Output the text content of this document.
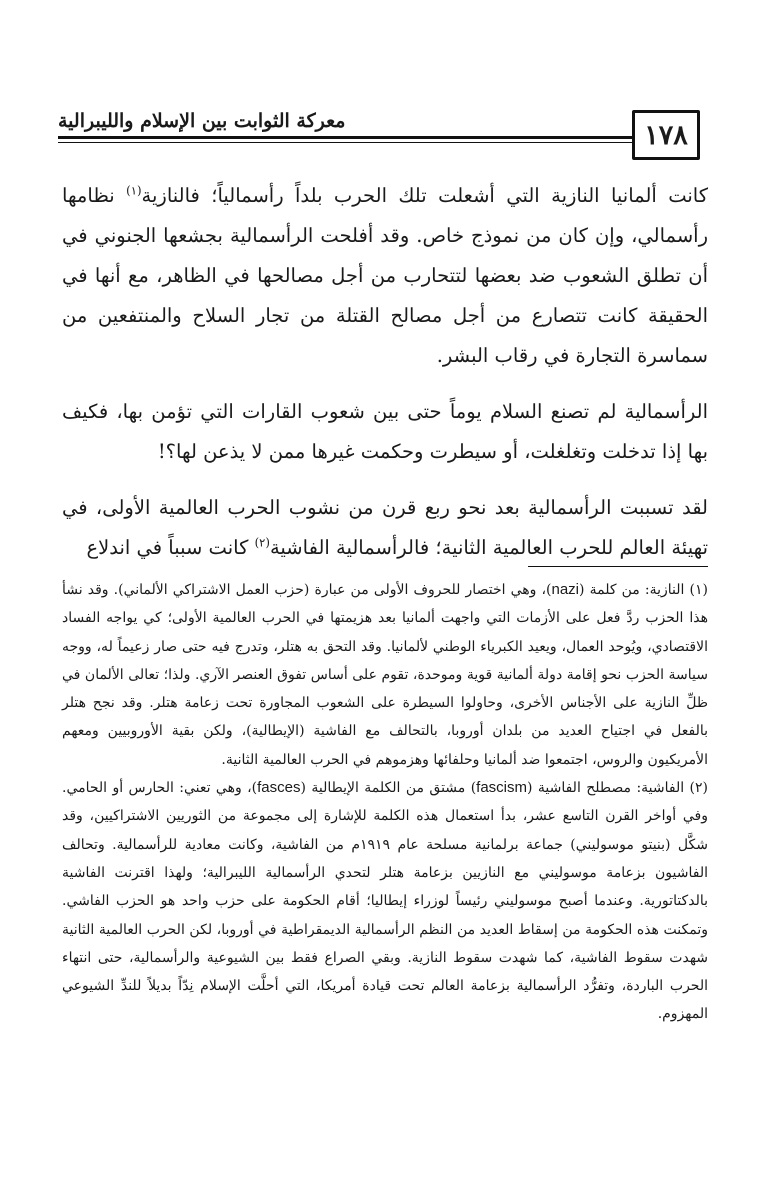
١٧٨
معركة الثوابت بين الإسلام والليبرالية

كانت ألمانيا النازية التي أشعلت تلك الحرب بلداً رأسمالياً؛ فالنازية$^{(١)}$ نظامها رأسمالي، وإن كان من نموذج خاص. وقد أفلحت الرأسمالية بجشعها الجنوني في أن تطلق الشعوب ضد بعضها لتتحارب من أجل مصالحها في الظاهر، مع أنها في الحقيقة كانت تتصارع من أجل مصالح القتلة من تجار السلاح والمنتفعين من سماسرة التجارة في رقاب البشر.

الرأسمالية لم تصنع السلام يوماً حتى بين شعوب القارات التي تؤمن بها، فكيف بها إذا تدخلت وتغلغلت، أو سيطرت وحكمت غيرها ممن لا يذعن لها؟!

لقد تسببت الرأسمالية بعد نحو ربع قرن من نشوب الحرب العالمية الأولى، في تهيئة العالم للحرب العالمية الثانية؛ فالرأسمالية الفاشية$^{(٢)}$ كانت سبباً في اندلاع

(١) النازية: من كلمة (nazi)، وهي اختصار للحروف الأولى من عبارة (حزب العمل الاشتراكي الألماني). وقد نشأ هذا الحزب ردَّ فعل على الأزمات التي واجهت ألمانيا بعد هزيمتها في الحرب العالمية الأولى؛ كي يواجه الفساد الاقتصادي، ويُوحد العمال، ويعيد الكبرياء الوطني لألمانيا. وقد التحق به هتلر، وتدرج فيه حتى صار زعيماً له، ووجه سياسة الحزب نحو إقامة دولة ألمانية قوية وموحدة، تقوم على أساس تفوق العنصر الآري. ولذا؛ تعالى الألمان في ظلِّ النازية على الأجناس الأخرى، وحاولوا السيطرة على الشعوب المجاورة تحت زعامة هتلر. وقد نجح هتلر بالفعل في اجتياح العديد من بلدان أوروبا، بالتحالف مع الفاشية (الإيطالية)، ولكن بقية الأوروبيين ومعهم الأمريكيون والروس، اجتمعوا ضد ألمانيا وحلفائها وهزموهم في الحرب العالمية الثانية.

(٢) الفاشية: مصطلح الفاشية (fascism) مشتق من الكلمة الإيطالية (fasces)، وهي تعني: الحارس أو الحامي. وفي أواخر القرن التاسع عشر، بدأ استعمال هذه الكلمة للإشارة إلى مجموعة من الثوريين الاشتراكيين، وقد شكَّل (بنيتو موسوليني) جماعة برلمانية مسلحة عام ١٩١٩م من الفاشية، وكانت معادية للرأسمالية. وتحالف الفاشيون بزعامة موسوليني مع النازيين بزعامة هتلر لتحدي الرأسمالية الليبرالية؛ ولهذا اقترنت الفاشية بالدكتاتورية. وعندما أصبح موسوليني رئيساً لوزراء إيطاليا؛ أقام الحكومة على حزب واحد هو الحزب الفاشي. وتمكنت هذه الحكومة من إسقاط العديد من النظم الرأسمالية الديمقراطية في أوروبا، لكن الحرب العالمية الثانية شهدت سقوط الفاشية، كما شهدت سقوط النازية. وبقي الصراع فقط بين الشيوعية والرأسمالية، حتى انتهاء الحرب الباردة، وتفرُّد الرأسمالية بزعامة العالم تحت قيادة أمريكا، التي أحلَّت الإسلام نِدّاً بديلاً للندِّ الشيوعي المهزوم.
